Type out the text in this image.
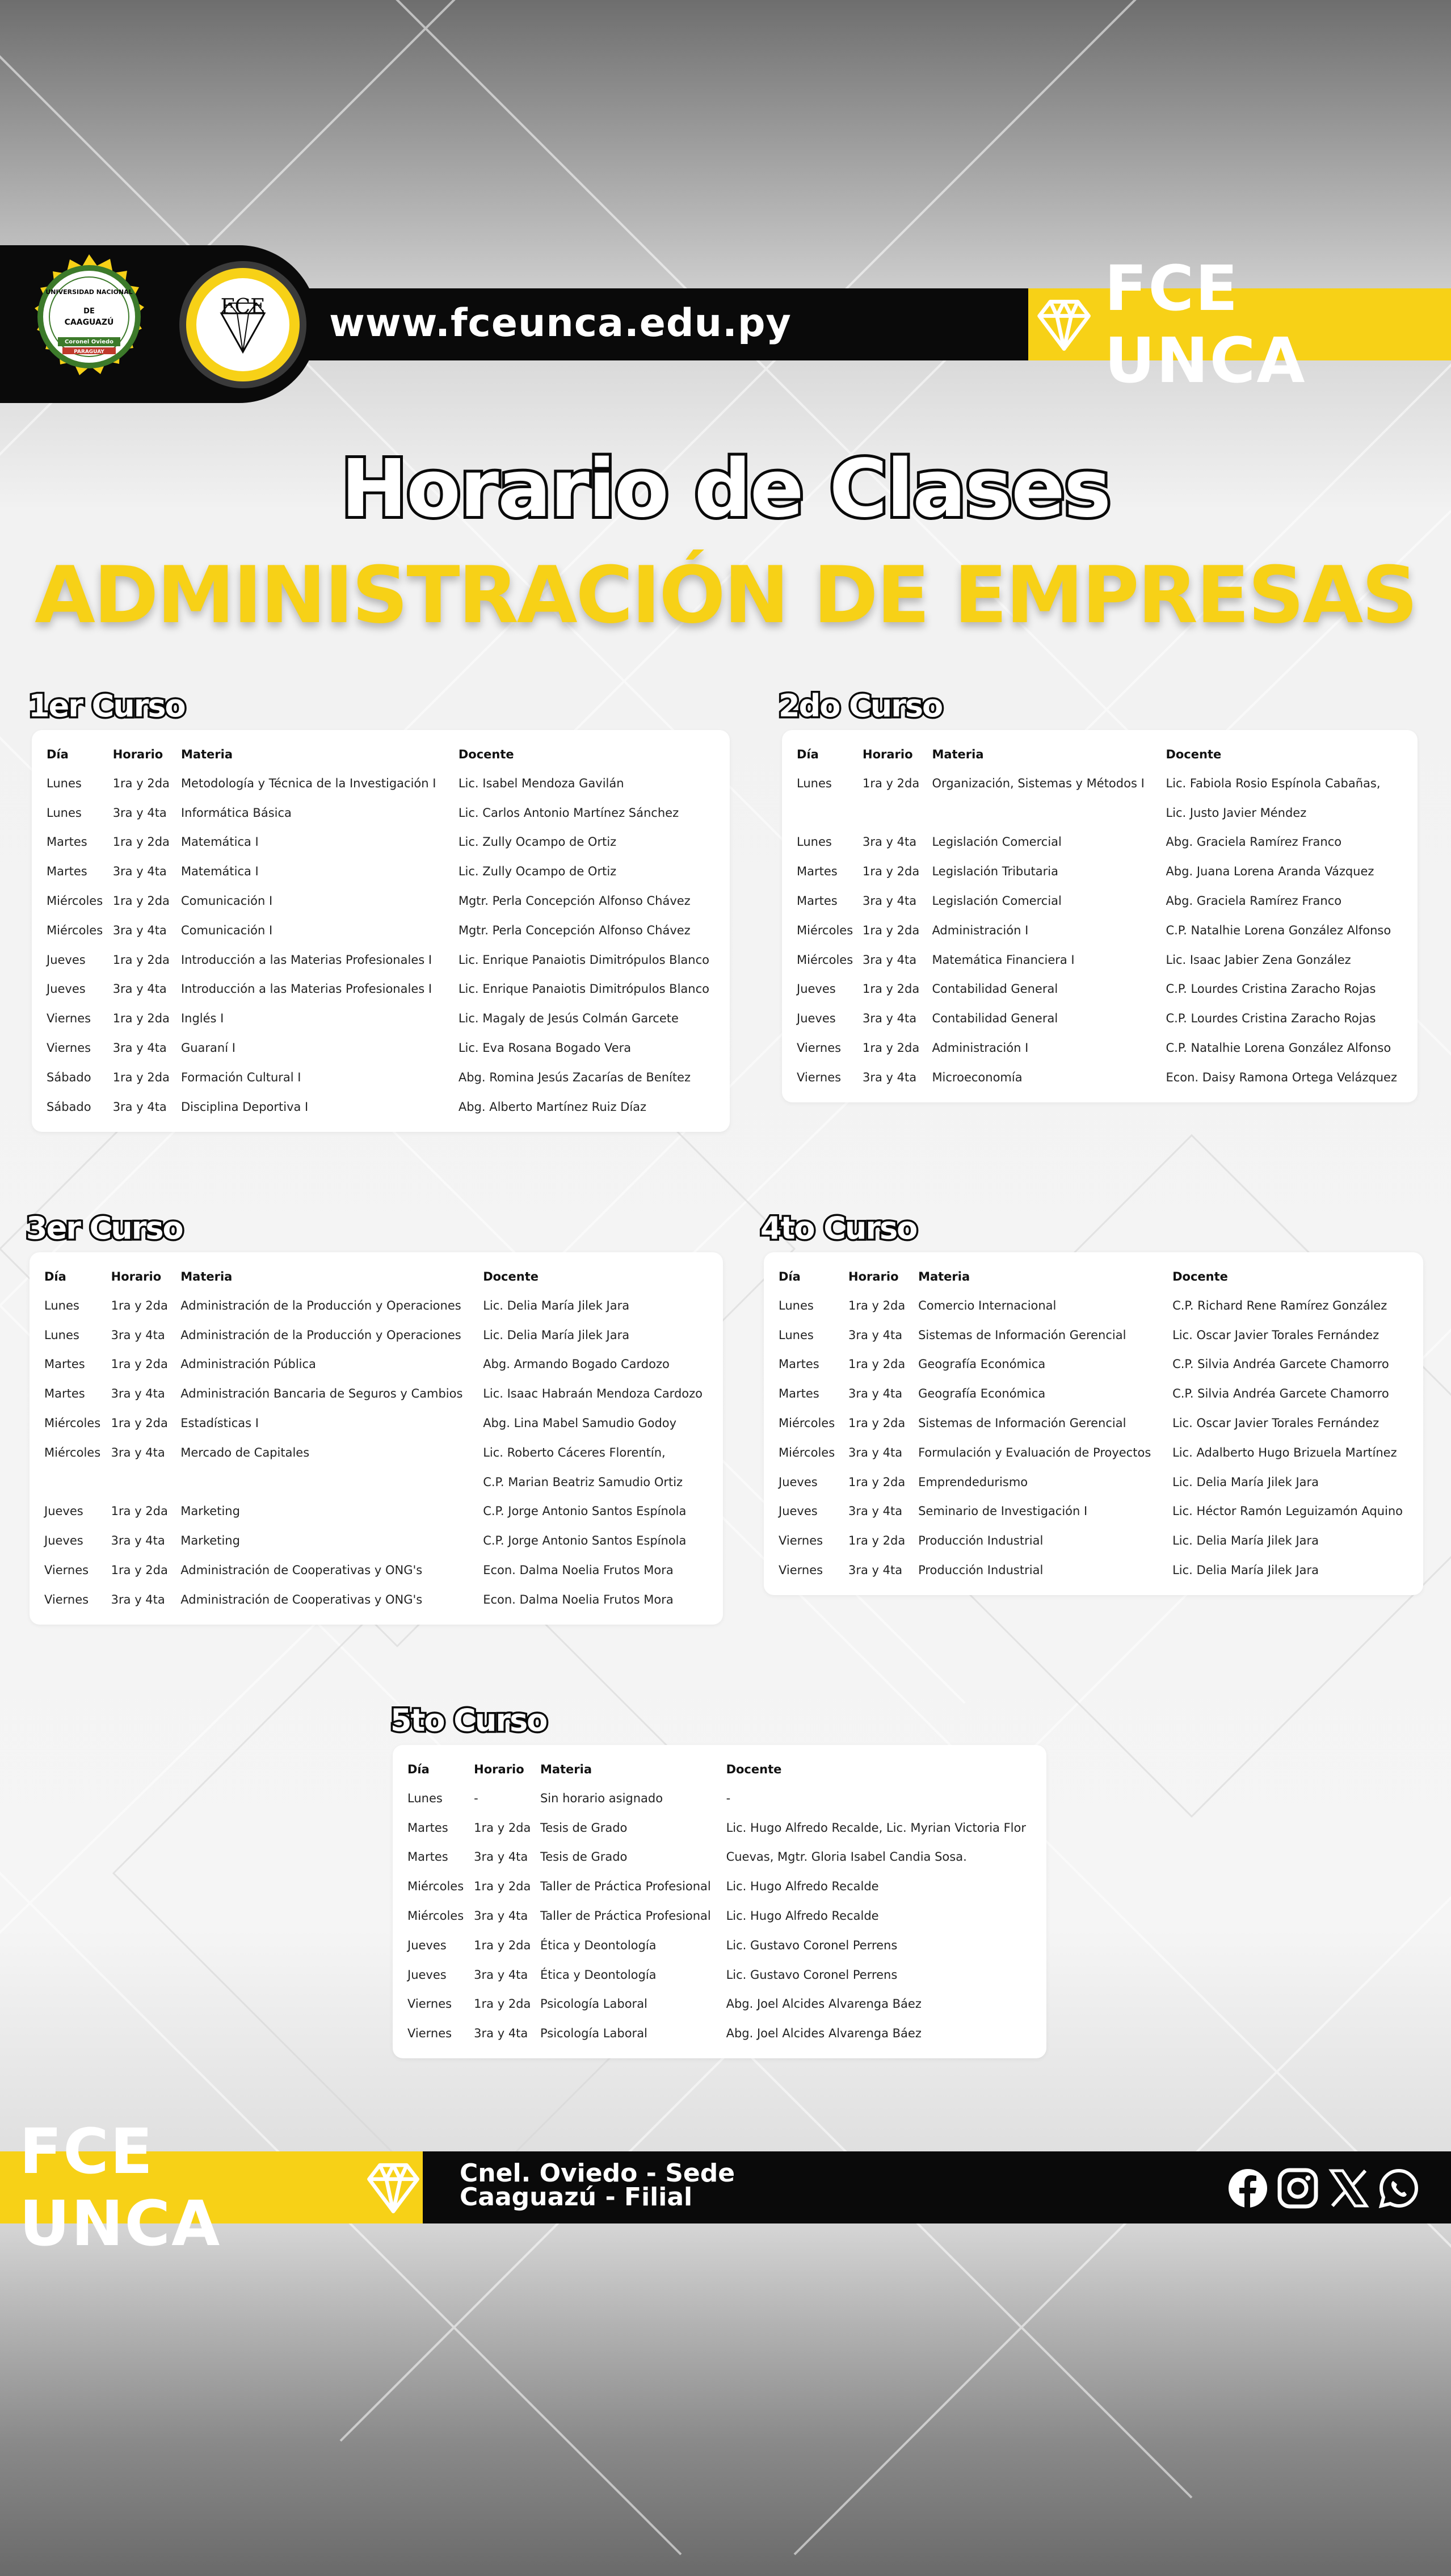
DE
CAAGUAZÚ
Coronel Oviedo
PARAGUAY
UNIVERSIDAD NACIONAL
FCE www.fceunca.edu.py	FCE UNCA
Horario de Clases
ADMINISTRACIÓN DE EMPRESAS
1er Curso
Día	Horario	Materia	Docente
Lunes	1ra y 2da	Metodología y Técnica de la Investigación I	Lic. Isabel Mendoza Gavilán
Lunes	3ra y 4ta	Informática Básica	Lic. Carlos Antonio Martínez Sánchez
Martes	1ra y 2da	Matemática I	Lic. Zully Ocampo de Ortiz
Martes	3ra y 4ta	Matemática I	Lic. Zully Ocampo de Ortiz
Miércoles	1ra y 2da	Comunicación I	Mgtr. Perla Concepción Alfonso Chávez
Miércoles	3ra y 4ta	Comunicación I	Mgtr. Perla Concepción Alfonso Chávez
Jueves	1ra y 2da	Introducción a las Materias Profesionales I	Lic. Enrique Panaiotis Dimitrópulos Blanco
Jueves	3ra y 4ta	Introducción a las Materias Profesionales I	Lic. Enrique Panaiotis Dimitrópulos Blanco
Viernes	1ra y 2da	Inglés I	Lic. Magaly de Jesús Colmán Garcete
Viernes	3ra y 4ta	Guaraní I	Lic. Eva Rosana Bogado Vera
Sábado	1ra y 2da	Formación Cultural I	Abg. Romina Jesús Zacarías de Benítez
Sábado	3ra y 4ta	Disciplina Deportiva I	Abg. Alberto Martínez Ruiz Díaz
2do Curso
Día	Horario	Materia	Docente
Lunes	1ra y 2da	Organización, Sistemas y Métodos I	Lic. Fabiola Rosio Espínola Cabañas,
			Lic. Justo Javier Méndez
Lunes	3ra y 4ta	Legislación Comercial	Abg. Graciela Ramírez Franco
Martes	1ra y 2da	Legislación Tributaria	Abg. Juana Lorena Aranda Vázquez
Martes	3ra y 4ta	Legislación Comercial	Abg. Graciela Ramírez Franco
Miércoles	1ra y 2da	Administración I	C.P. Natalhie Lorena González Alfonso
Miércoles	3ra y 4ta	Matemática Financiera I	Lic. Isaac Jabier Zena González
Jueves	1ra y 2da	Contabilidad General	C.P. Lourdes Cristina Zaracho Rojas
Jueves	3ra y 4ta	Contabilidad General	C.P. Lourdes Cristina Zaracho Rojas
Viernes	1ra y 2da	Administración I	C.P. Natalhie Lorena González Alfonso
Viernes	3ra y 4ta	Microeconomía	Econ. Daisy Ramona Ortega Velázquez
3er Curso
Día	Horario	Materia	Docente
Lunes	1ra y 2da	Administración de la Producción y Operaciones	Lic. Delia María Jilek Jara
Lunes	3ra y 4ta	Administración de la Producción y Operaciones	Lic. Delia María Jilek Jara
Martes	1ra y 2da	Administración Pública	Abg. Armando Bogado Cardozo
Martes	3ra y 4ta	Administración Bancaria de Seguros y Cambios	Lic. Isaac Habraán Mendoza Cardozo
Miércoles	1ra y 2da	Estadísticas I	Abg. Lina Mabel Samudio Godoy
Miércoles	3ra y 4ta	Mercado de Capitales	Lic. Roberto Cáceres Florentín,
			C.P. Marian Beatriz Samudio Ortiz
Jueves	1ra y 2da	Marketing	C.P. Jorge Antonio Santos Espínola
Jueves	3ra y 4ta	Marketing	C.P. Jorge Antonio Santos Espínola
Viernes	1ra y 2da	Administración de Cooperativas y ONG's	Econ. Dalma Noelia Frutos Mora
Viernes	3ra y 4ta	Administración de Cooperativas y ONG's	Econ. Dalma Noelia Frutos Mora
4to Curso
Día	Horario	Materia	Docente
Lunes	1ra y 2da	Comercio Internacional	C.P. Richard Rene Ramírez González
Lunes	3ra y 4ta	Sistemas de Información Gerencial	Lic. Oscar Javier Torales Fernández
Martes	1ra y 2da	Geografía Económica	C.P. Silvia Andréa Garcete Chamorro
Martes	3ra y 4ta	Geografía Económica	C.P. Silvia Andréa Garcete Chamorro
Miércoles	1ra y 2da	Sistemas de Información Gerencial	Lic. Oscar Javier Torales Fernández
Miércoles	3ra y 4ta	Formulación y Evaluación de Proyectos	Lic. Adalberto Hugo Brizuela Martínez
Jueves	1ra y 2da	Emprendedurismo	Lic. Delia María Jilek Jara
Jueves	3ra y 4ta	Seminario de Investigación I	Lic. Héctor Ramón Leguizamón Aquino
Viernes	1ra y 2da	Producción Industrial	Lic. Delia María Jilek Jara
Viernes	3ra y 4ta	Producción Industrial	Lic. Delia María Jilek Jara
5to Curso
Día	Horario	Materia	Docente
Lunes	-	Sin horario asignado	-
Martes	1ra y 2da	Tesis de Grado	Lic. Hugo Alfredo Recalde, Lic. Myrian Victoria Flor
Martes	3ra y 4ta	Tesis de Grado	Cuevas, Mgtr. Gloria Isabel Candia Sosa.
Miércoles	1ra y 2da	Taller de Práctica Profesional	Lic. Hugo Alfredo Recalde
Miércoles	3ra y 4ta	Taller de Práctica Profesional	Lic. Hugo Alfredo Recalde
Jueves	1ra y 2da	Ética y Deontología	Lic. Gustavo Coronel Perrens
Jueves	3ra y 4ta	Ética y Deontología	Lic. Gustavo Coronel Perrens
Viernes	1ra y 2da	Psicología Laboral	Abg. Joel Alcides Alvarenga Báez
Viernes	3ra y 4ta	Psicología Laboral	Abg. Joel Alcides Alvarenga Báez
FCE UNCA
Cnel. Oviedo - Sede
Caaguazú - Filial
